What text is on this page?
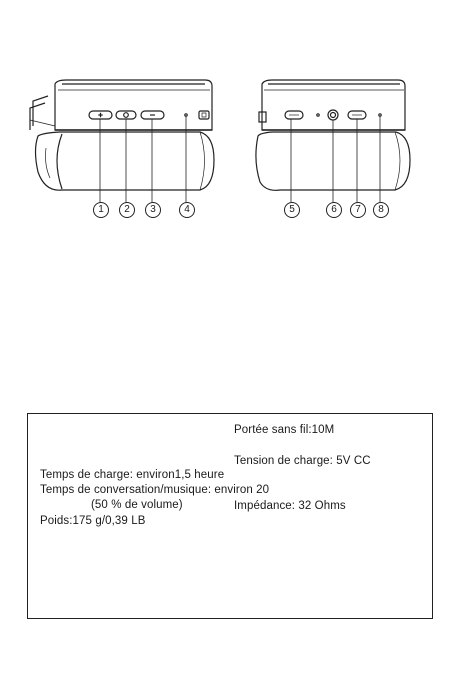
1	2	3	4	5	6	7	8
Portée sans fil:10M
Tension de charge: 5V CC
Temps de charge: environ1,5 heure
Temps de conversation/musique: environ 20
(50 % de volume)	Impédance: 32 Ohms
Poids:175 g/0,39 LB
